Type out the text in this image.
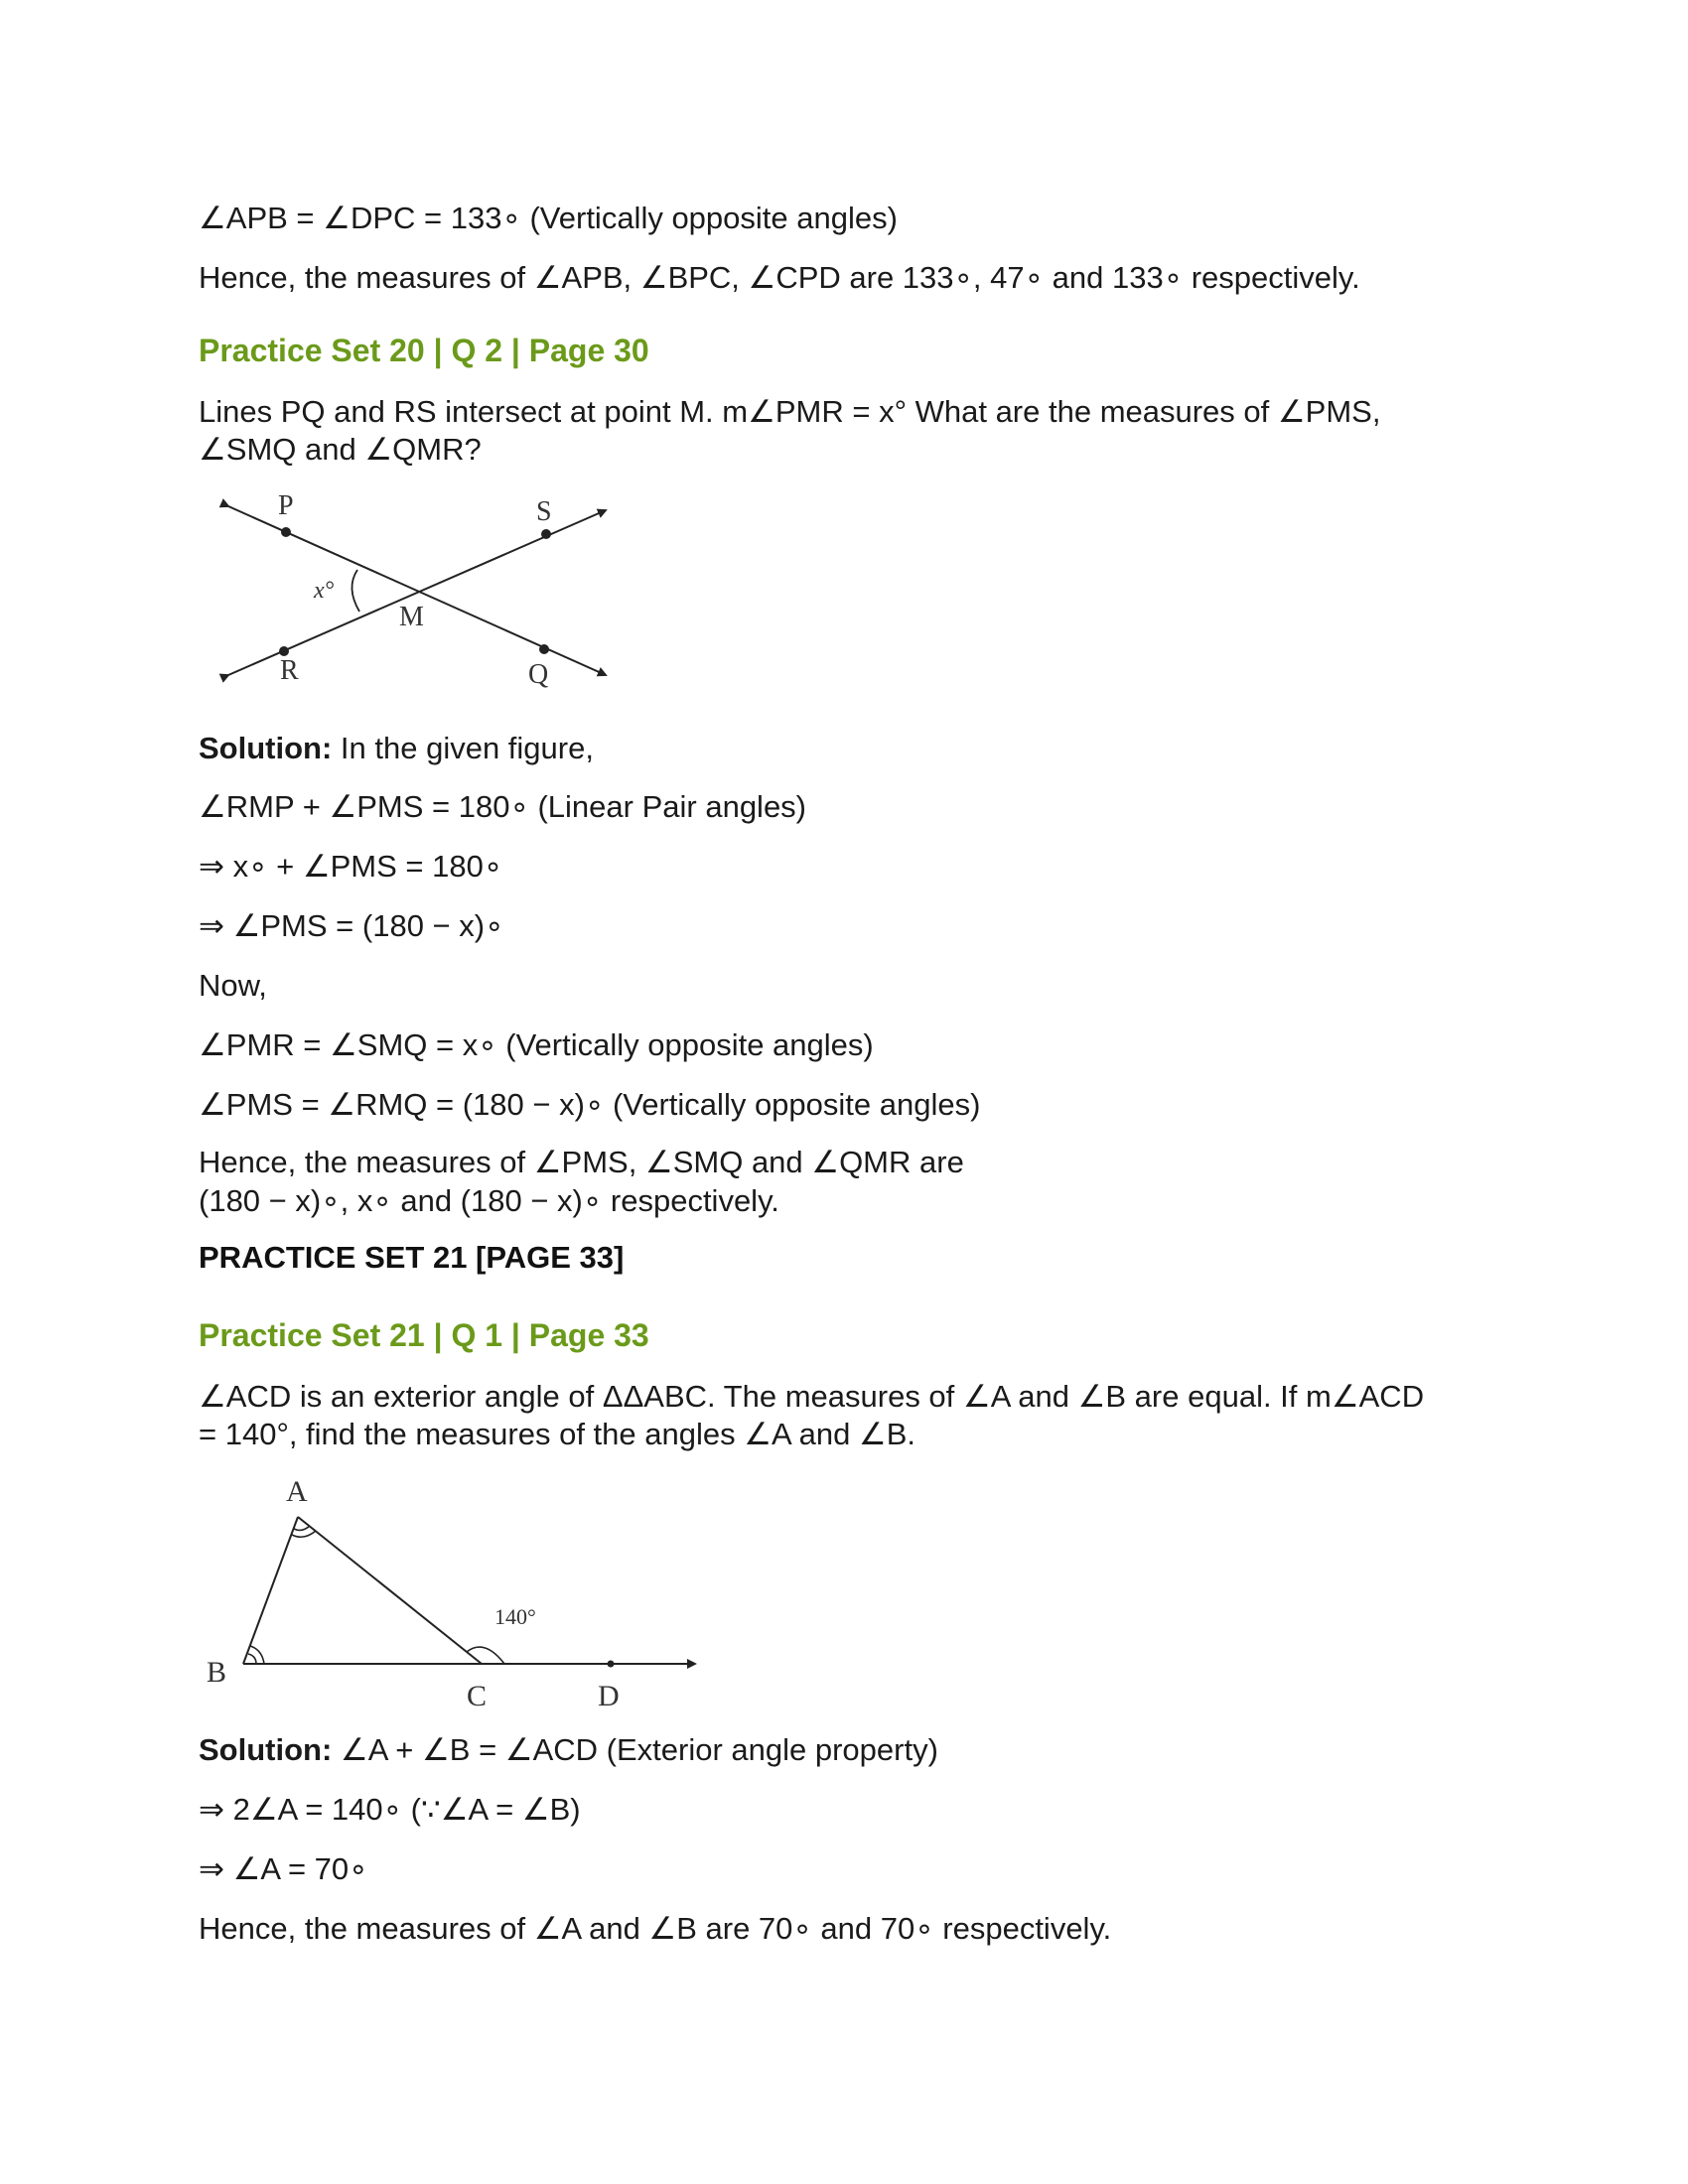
∠APB = ∠DPC = 133∘ (Vertically opposite angles)
Hence, the measures of ∠APB, ∠BPC, ∠CPD are 133∘, 47∘ and 133∘ respectively.
Practice Set 20 | Q 2 | Page 30
Lines PQ and RS intersect at point M. m∠PMR = x° What are the measures of ∠PMS,
∠SMQ and ∠QMR?
P	S
M
R	Q
x°
Solution: In the given figure,
∠RMP + ∠PMS = 180∘ (Linear Pair angles)
⇒ x∘ + ∠PMS = 180∘
⇒ ∠PMS = (180 − x)∘
Now,
∠PMR = ∠SMQ = x∘ (Vertically opposite angles)
∠PMS = ∠RMQ = (180 − x)∘ (Vertically opposite angles)
Hence, the measures of ∠PMS, ∠SMQ and ∠QMR are
(180 − x)∘, x∘ and (180 − x)∘ respectively.
PRACTICE SET 21 [PAGE 33]
Practice Set 21 | Q 1 | Page 33
∠ACD is an exterior angle of ΔΔABC. The measures of ∠A and ∠B are equal. If m∠ACD
= 140°, find the measures of the angles ∠A and ∠B.
A
B
C	D
140°
Solution: ∠A + ∠B = ∠ACD (Exterior angle property)
⇒ 2∠A = 140∘ (∵∠A = ∠B)
⇒ ∠A = 70∘
Hence, the measures of ∠A and ∠B are 70∘ and 70∘ respectively.
